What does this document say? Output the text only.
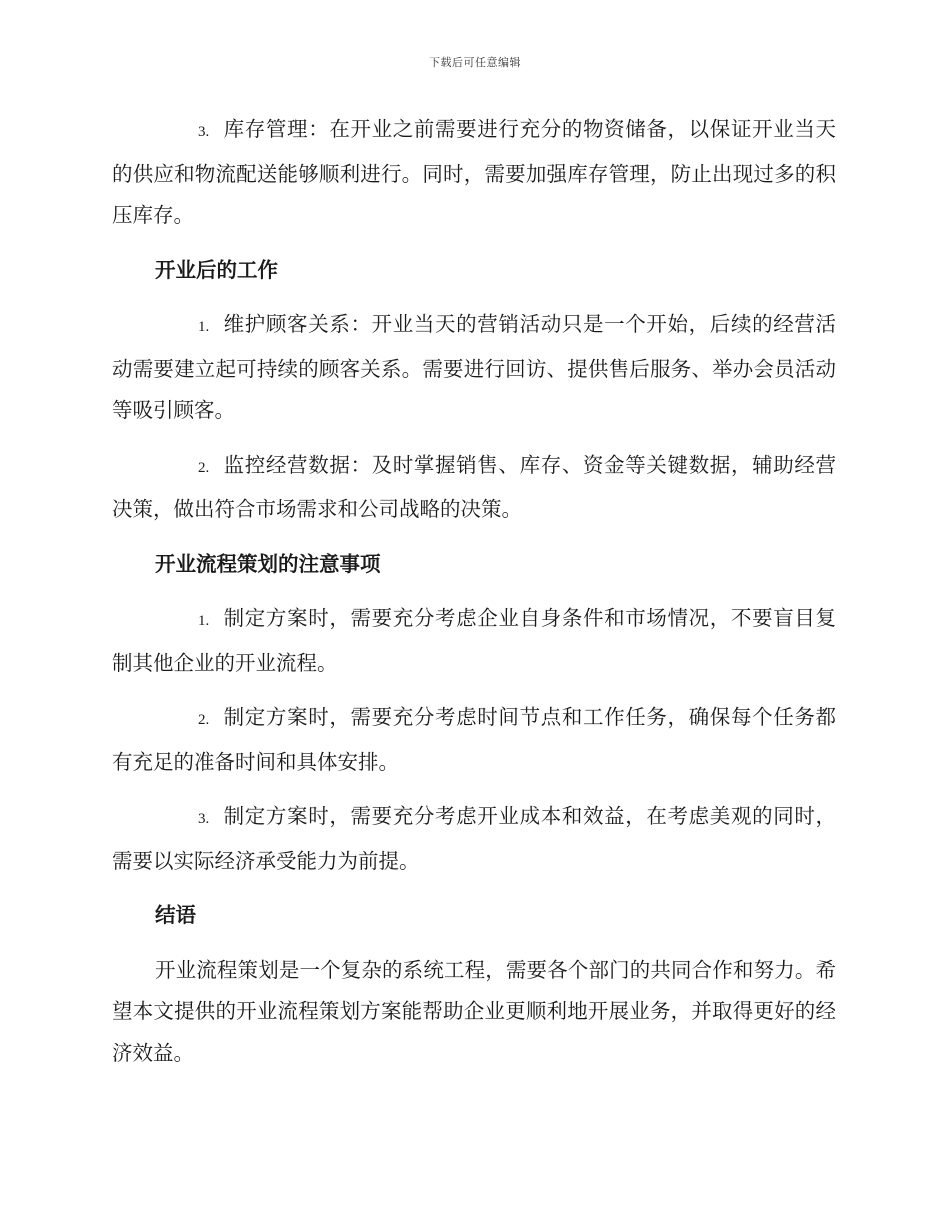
下载后可任意编辑

3. 库存管理：在开业之前需要进行充分的物资储备，以保证开业当天的供应和物流配送能够顺利进行。同时，需要加强库存管理，防止出现过多的积压库存。

开业后的工作

1. 维护顾客关系：开业当天的营销活动只是一个开始，后续的经营活动需要建立起可持续的顾客关系。需要进行回访、提供售后服务、举办会员活动等吸引顾客。

2. 监控经营数据：及时掌握销售、库存、资金等关键数据，辅助经营决策，做出符合市场需求和公司战略的决策。

开业流程策划的注意事项

1. 制定方案时，需要充分考虑企业自身条件和市场情况，不要盲目复制其他企业的开业流程。

2. 制定方案时，需要充分考虑时间节点和工作任务，确保每个任务都有充足的准备时间和具体安排。

3. 制定方案时，需要充分考虑开业成本和效益，在考虑美观的同时，需要以实际经济承受能力为前提。

结语

开业流程策划是一个复杂的系统工程，需要各个部门的共同合作和努力。希望本文提供的开业流程策划方案能帮助企业更顺利地开展业务，并取得更好的经济效益。
